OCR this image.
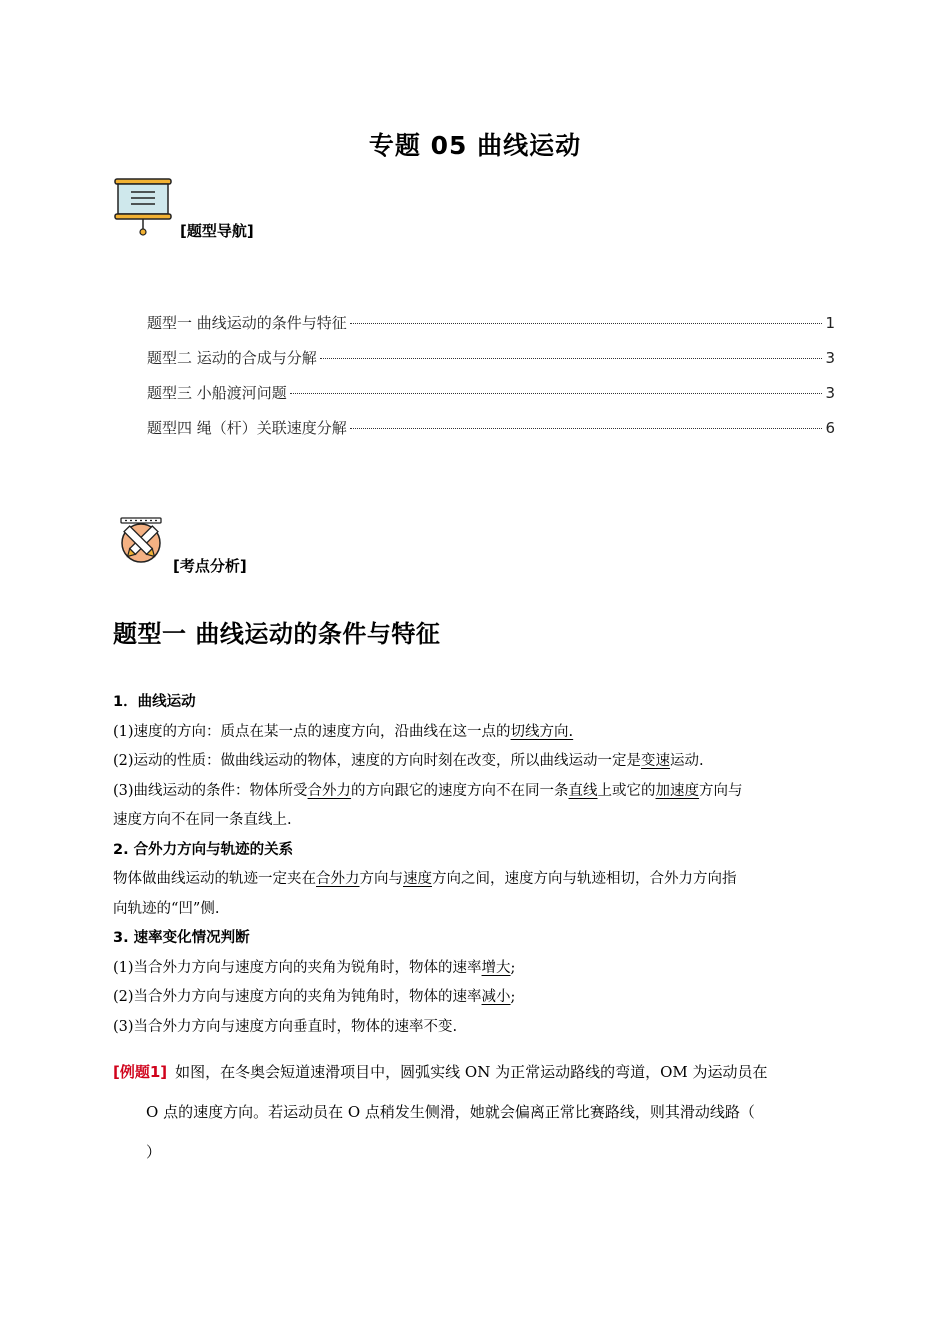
专题 05 曲线运动
[题型导航]
题型一 曲线运动的条件与特征	1
题型二 运动的合成与分解	3
题型三 小船渡河问题	3
题型四 绳（杆）关联速度分解	6
[考点分析]
题型一 曲线运动的条件与特征
1．曲线运动
(1)速度的方向：质点在某一点的速度方向，沿曲线在这一点的切线方向.
(2)运动的性质：做曲线运动的物体，速度的方向时刻在改变，所以曲线运动一定是变速运动.
(3)曲线运动的条件：物体所受合外力的方向跟它的速度方向不在同一条直线上或它的加速度方向与
速度方向不在同一条直线上.
2. 合外力方向与轨迹的关系
物体做曲线运动的轨迹一定夹在合外力方向与速度方向之间，速度方向与轨迹相切，合外力方向指
向轨迹的“凹”侧.
3. 速率变化情况判断
(1)当合外力方向与速度方向的夹角为锐角时，物体的速率增大;
(2)当合外力方向与速度方向的夹角为钝角时，物体的速率减小;
(3)当合外力方向与速度方向垂直时，物体的速率不变.
[例题1] 如图，在冬奥会短道速滑项目中，圆弧实线 ON 为正常运动路线的弯道，OM 为运动员在
O 点的速度方向。若运动员在 O 点稍发生侧滑，她就会偏离正常比赛路线，则其滑动线路（
）
